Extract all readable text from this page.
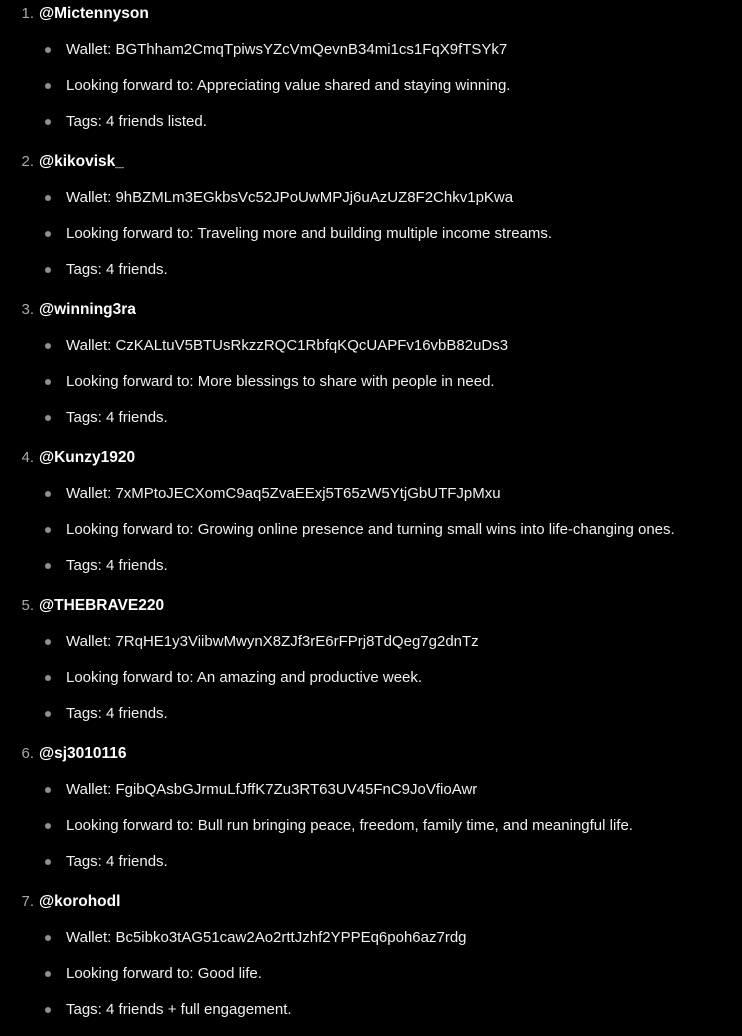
1. @Mictennyson
Wallet: BGThham2CmqTpiwsYZcVmQevnB34mi1cs1FqX9fTSYk7
Looking forward to: Appreciating value shared and staying winning.
Tags: 4 friends listed.
2. @kikovisk_
Wallet: 9hBZMLm3EGkbsVc52JPoUwMPJj6uAzUZ8F2Chkv1pKwa
Looking forward to: Traveling more and building multiple income streams.
Tags: 4 friends.
3. @winning3ra
Wallet: CzKALtuV5BTUsRkzzRQC1RbfqKQcUAPFv16vbB82uDs3
Looking forward to: More blessings to share with people in need.
Tags: 4 friends.
4. @Kunzy1920
Wallet: 7xMPtoJECXomC9aq5ZvaEExj5T65zW5YtjGbUTFJpMxu
Looking forward to: Growing online presence and turning small wins into life-changing ones.
Tags: 4 friends.
5. @THEBRAVE220
Wallet: 7RqHE1y3ViibwMwynX8ZJf3rE6rFPrj8TdQeg7g2dnTz
Looking forward to: An amazing and productive week.
Tags: 4 friends.
6. @sj3010116
Wallet: FgibQAsbGJrmuLfJffK7Zu3RT63UV45FnC9JoVfioAwr
Looking forward to: Bull run bringing peace, freedom, family time, and meaningful life.
Tags: 4 friends.
7. @korohodl
Wallet: Bc5ibko3tAG51caw2Ao2rttJzhf2YPPEq6poh6az7rdg
Looking forward to: Good life.
Tags: 4 friends + full engagement.
